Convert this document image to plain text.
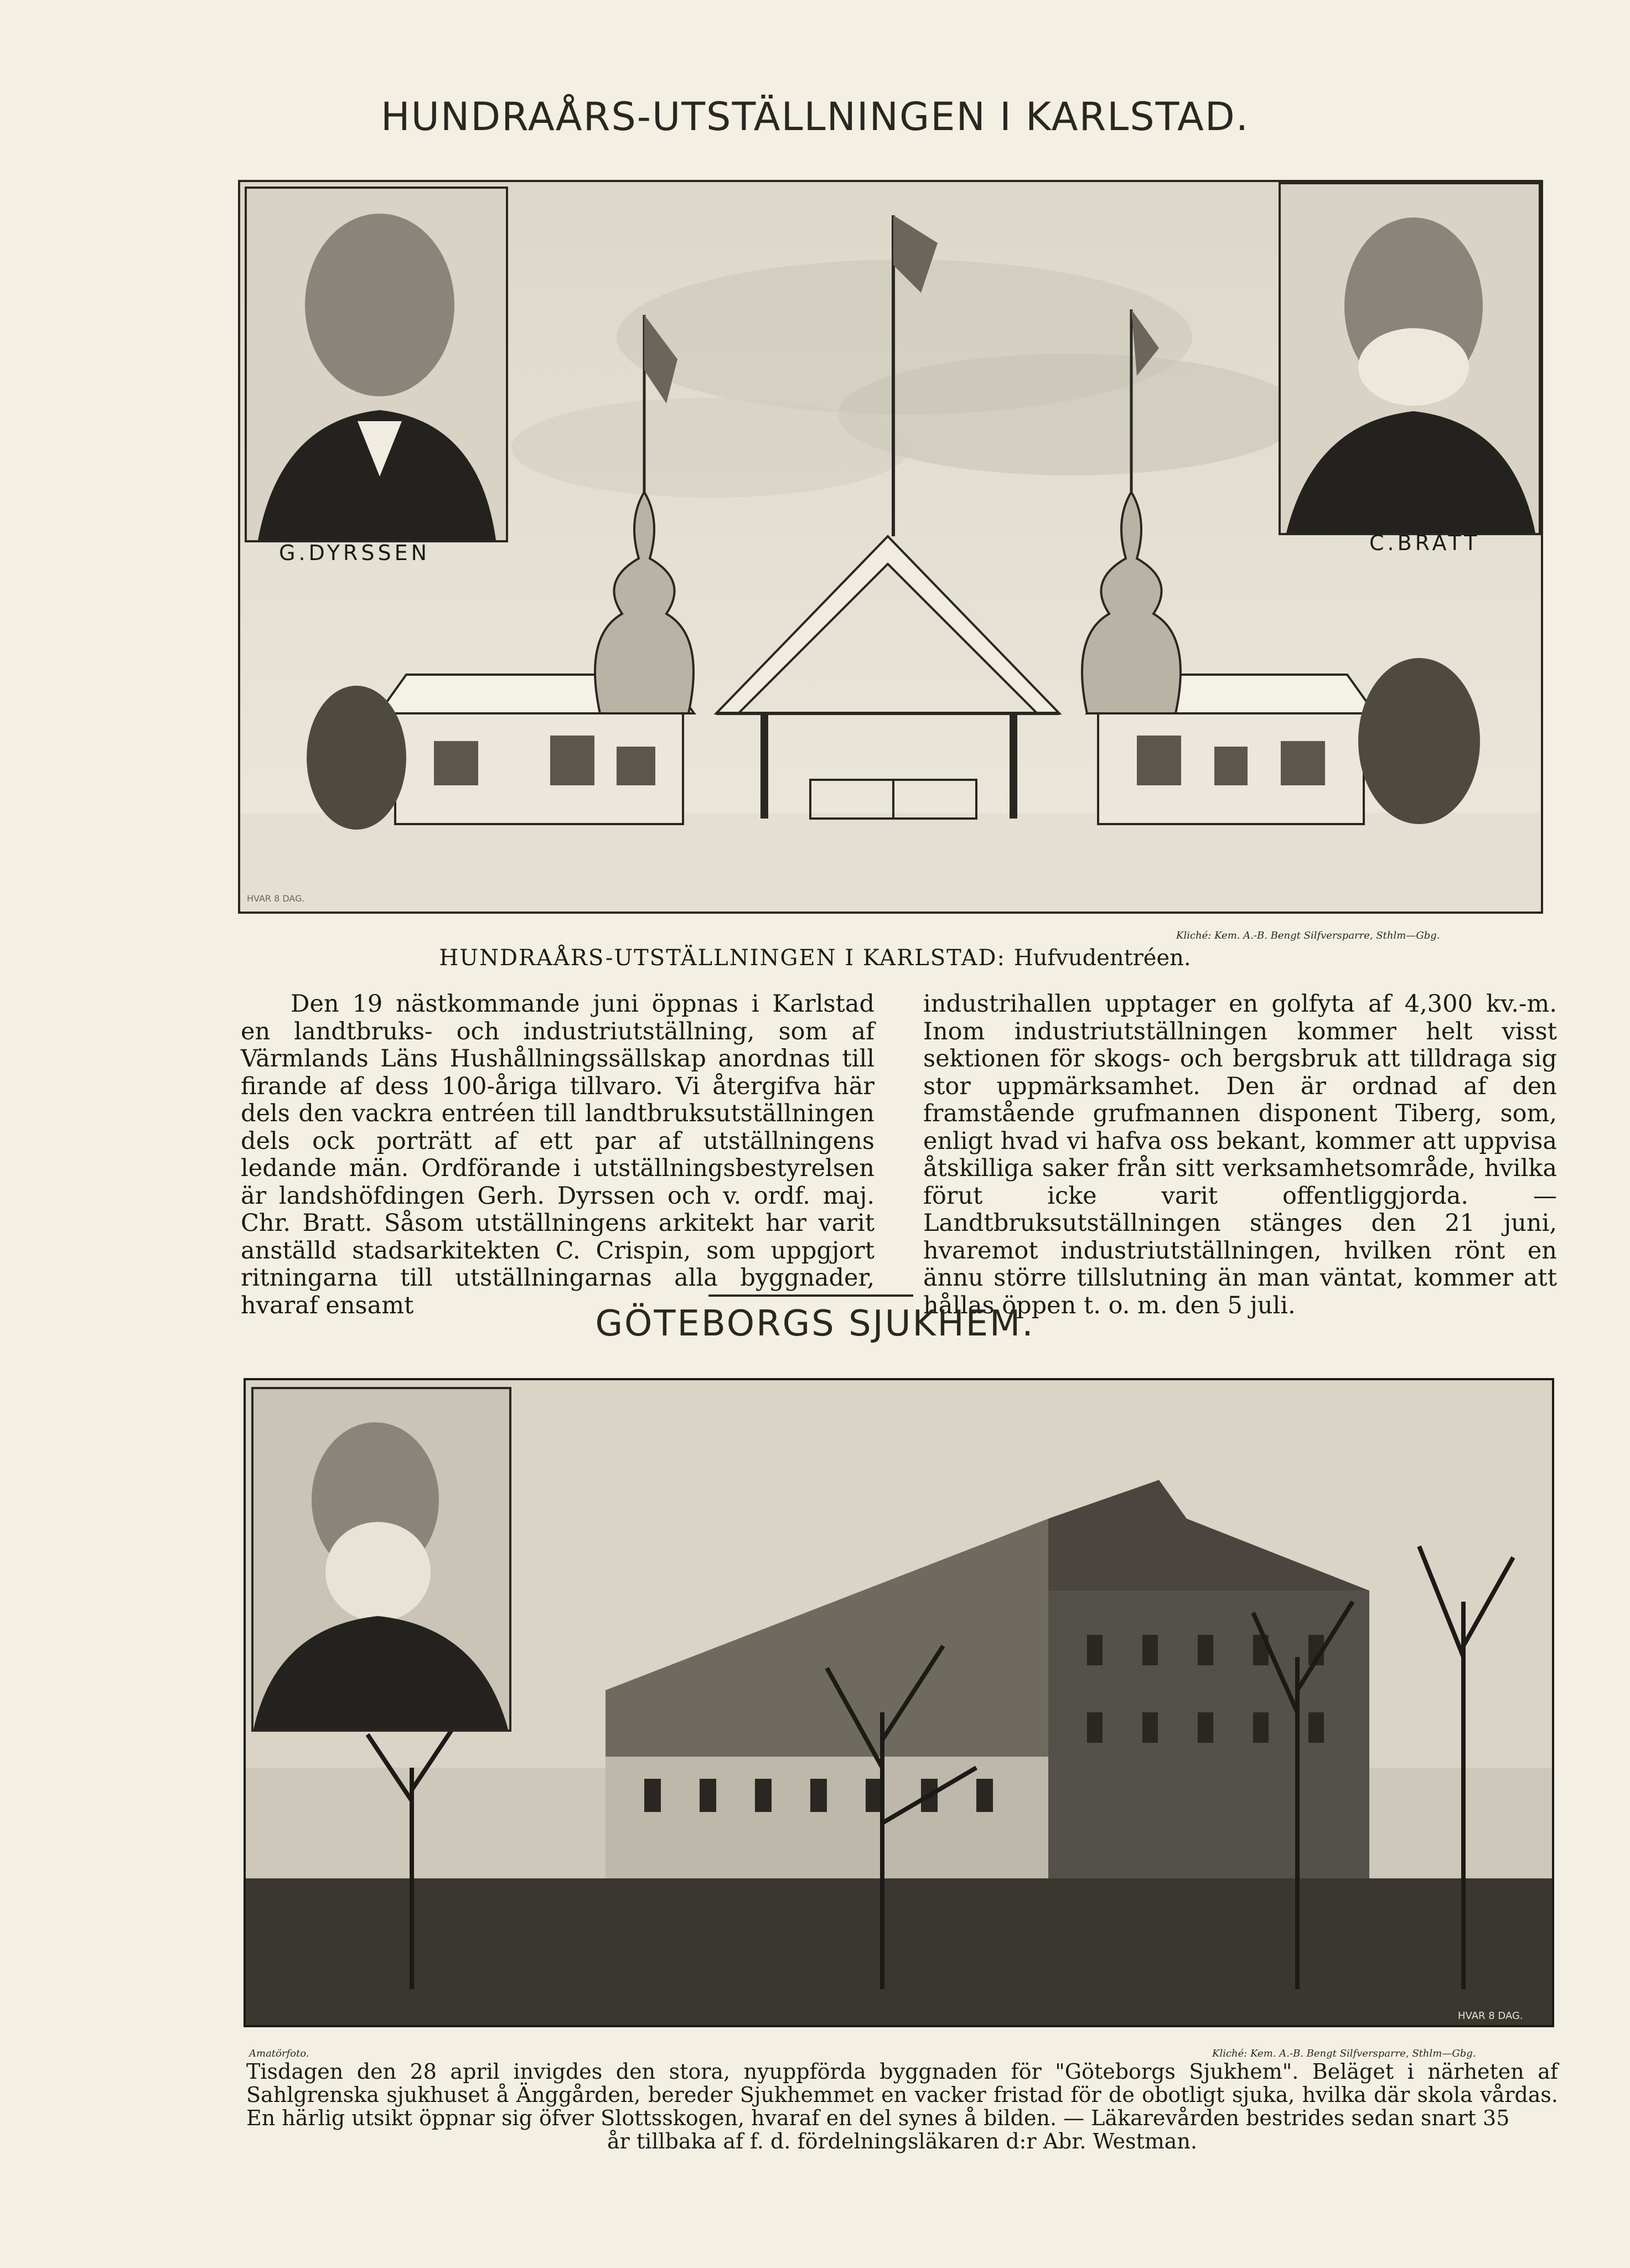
HUNDRAÅRS-UTSTÄLLNINGEN I KARLSTAD.
G.DYRSSEN	C.BRÄTT
HVAR 8 DAG.
Kliché: Kem. A.-B. Bengt Silfversparre, Sthlm—Gbg.
HUNDRAÅRS-UTSTÄLLNINGEN I KARLSTAD: Hufvudentréen.
Den 19 nästkommande juni öppnas i Karlstad en landtbruks- och industriutställning, som af Värmlands Läns Hushållningssällskap anordnas till firande af dess 100-åriga tillvaro. Vi återgifva här dels den vackra entréen till landtbruksutställningen dels ock porträtt af ett par af utställningens ledande män. Ordförande i utställningsbestyrelsen är landshöfdingen Gerh. Dyrssen och v. ordf. maj. Chr. Bratt. Såsom utställningens arkitekt har varit anställd stadsarkitekten C. Crispin, som uppgjort ritningarna till utställningarnas alla byggnader, hvaraf ensamt
industrihallen upptager en golfyta af 4,300 kv.-m. Inom industriutställningen kommer helt visst sektionen för skogs- och bergsbruk att tilldraga sig stor uppmärksamhet. Den är ordnad af den framstående grufmannen disponent Tiberg, som, enligt hvad vi hafva oss bekant, kommer att uppvisa åtskilliga saker från sitt verksamhetsområde, hvilka förut icke varit offentliggjorda. — Landtbruksutställningen stänges den 21 juni, hvaremot industriutställningen, hvilken rönt en ännu större tillslutning än man väntat, kommer att hållas öppen t. o. m. den 5 juli.
GÖTEBORGS SJUKHEM.
HVAR 8 DAG.
Amatörfoto.	Kliché: Kem. A.-B. Bengt Silfversparre, Sthlm—Gbg.
Tisdagen den 28 april invigdes den stora, nyuppförda byggnaden för "Göteborgs Sjukhem". Beläget i närheten af Sahlgrenska sjukhuset å Änggården, bereder Sjukhemmet en vacker fristad för de obotligt sjuka, hvilka där skola vårdas. En härlig utsikt öppnar sig öfver Slottsskogen, hvaraf en del synes å bilden. — Läkarevården bestrides sedan snart 35
år tillbaka af f. d. fördelningsläkaren d:r Abr. Westman.
